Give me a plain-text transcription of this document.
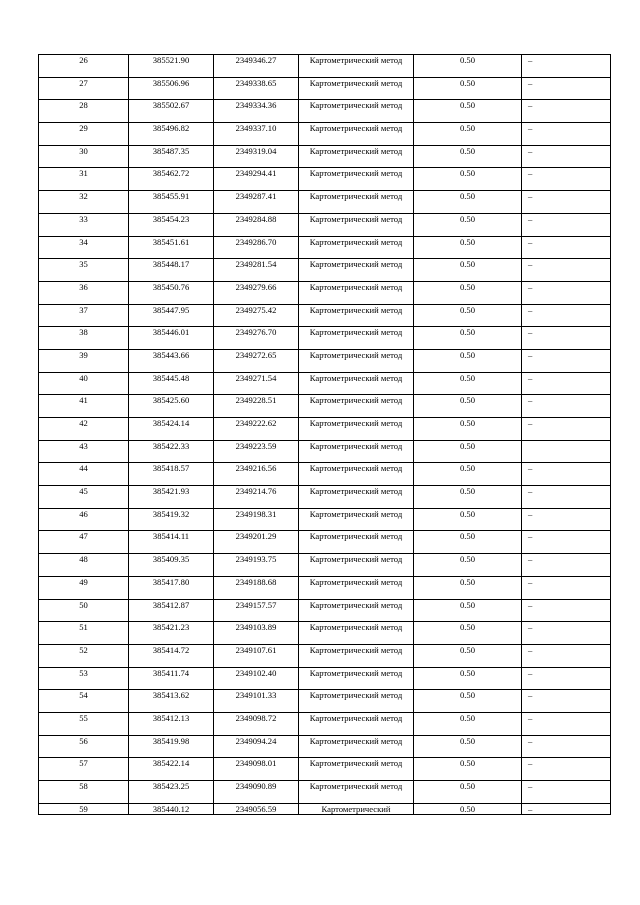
26	385521.90	2349346.27	Картометрический метод	0.50	–
27	385506.96	2349338.65	Картометрический метод	0.50	–
28	385502.67	2349334.36	Картометрический метод	0.50	–
29	385496.82	2349337.10	Картометрический метод	0.50	–
30	385487.35	2349319.04	Картометрический метод	0.50	–
31	385462.72	2349294.41	Картометрический метод	0.50	–
32	385455.91	2349287.41	Картометрический метод	0.50	–
33	385454.23	2349284.88	Картометрический метод	0.50	–
34	385451.61	2349286.70	Картометрический метод	0.50	–
35	385448.17	2349281.54	Картометрический метод	0.50	–
36	385450.76	2349279.66	Картометрический метод	0.50	–
37	385447.95	2349275.42	Картометрический метод	0.50	–
38	385446.01	2349276.70	Картометрический метод	0.50	–
39	385443.66	2349272.65	Картометрический метод	0.50	–
40	385445.48	2349271.54	Картометрический метод	0.50	–
41	385425.60	2349228.51	Картометрический метод	0.50	–
42	385424.14	2349222.62	Картометрический метод	0.50	–
43	385422.33	2349223.59	Картометрический метод	0.50	
44	385418.57	2349216.56	Картометрический метод	0.50	–
45	385421.93	2349214.76	Картометрический метод	0.50	–
46	385419.32	2349198.31	Картометрический метод	0.50	–
47	385414.11	2349201.29	Картометрический метод	0.50	–
48	385409.35	2349193.75	Картометрический метод	0.50	–
49	385417.80	2349188.68	Картометрический метод	0.50	–
50	385412.87	2349157.57	Картометрический метод	0.50	–
51	385421.23	2349103.89	Картометрический метод	0.50	–
52	385414.72	2349107.61	Картометрический метод	0.50	–
53	385411.74	2349102.40	Картометрический метод	0.50	–
54	385413.62	2349101.33	Картометрический метод	0.50	–
55	385412.13	2349098.72	Картометрический метод	0.50	–
56	385419.98	2349094.24	Картометрический метод	0.50	–
57	385422.14	2349098.01	Картометрический метод	0.50	–
58	385423.25	2349090.89	Картометрический метод	0.50	–
59	385440.12	2349056.59	Картометрический	0.50	–
